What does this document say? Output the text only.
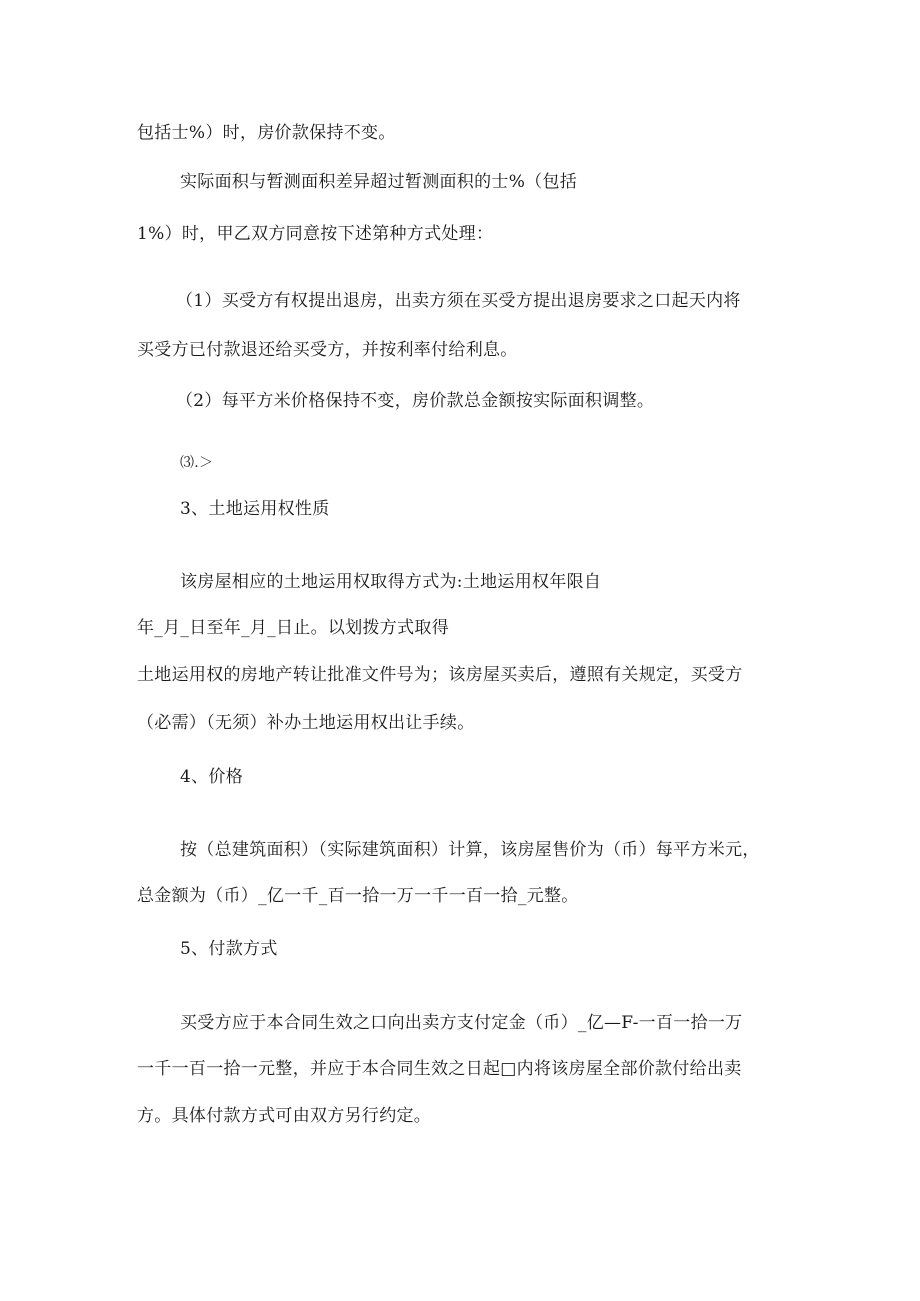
包括士%）时，房价款保持不变。
实际面积与暂测面积差异超过暂测面积的士%（包括
1%）时，甲乙双方同意按下述第种方式处理：
（1）买受方有权提出退房，出卖方须在买受方提出退房要求之口起天内将
买受方已付款退还给买受方，并按利率付给利息。
（2）每平方米价格保持不变，房价款总金额按实际面积调整。
⑶.＞
3、土地运用权性质
该房屋相应的土地运用权取得方式为:土地运用权年限自
年_月_日至年_月_日止。以划拨方式取得
土地运用权的房地产转让批准文件号为；该房屋买卖后，遵照有关规定，买受方
（必需）（无须）补办土地运用权出让手续。
4、价格
按（总建筑面积）（实际建筑面积）计算，该房屋售价为（币）每平方米元，
总金额为（币）_亿一千_百一拾一万一千一百一拾_元整。
5、付款方式
买受方应于本合同生效之口向出卖方支付定金（币）_亿—F-一百一拾一万
一千一百一拾一元整，并应于本合同生效之日起□内将该房屋全部价款付给出卖
方。具体付款方式可由双方另行约定。
